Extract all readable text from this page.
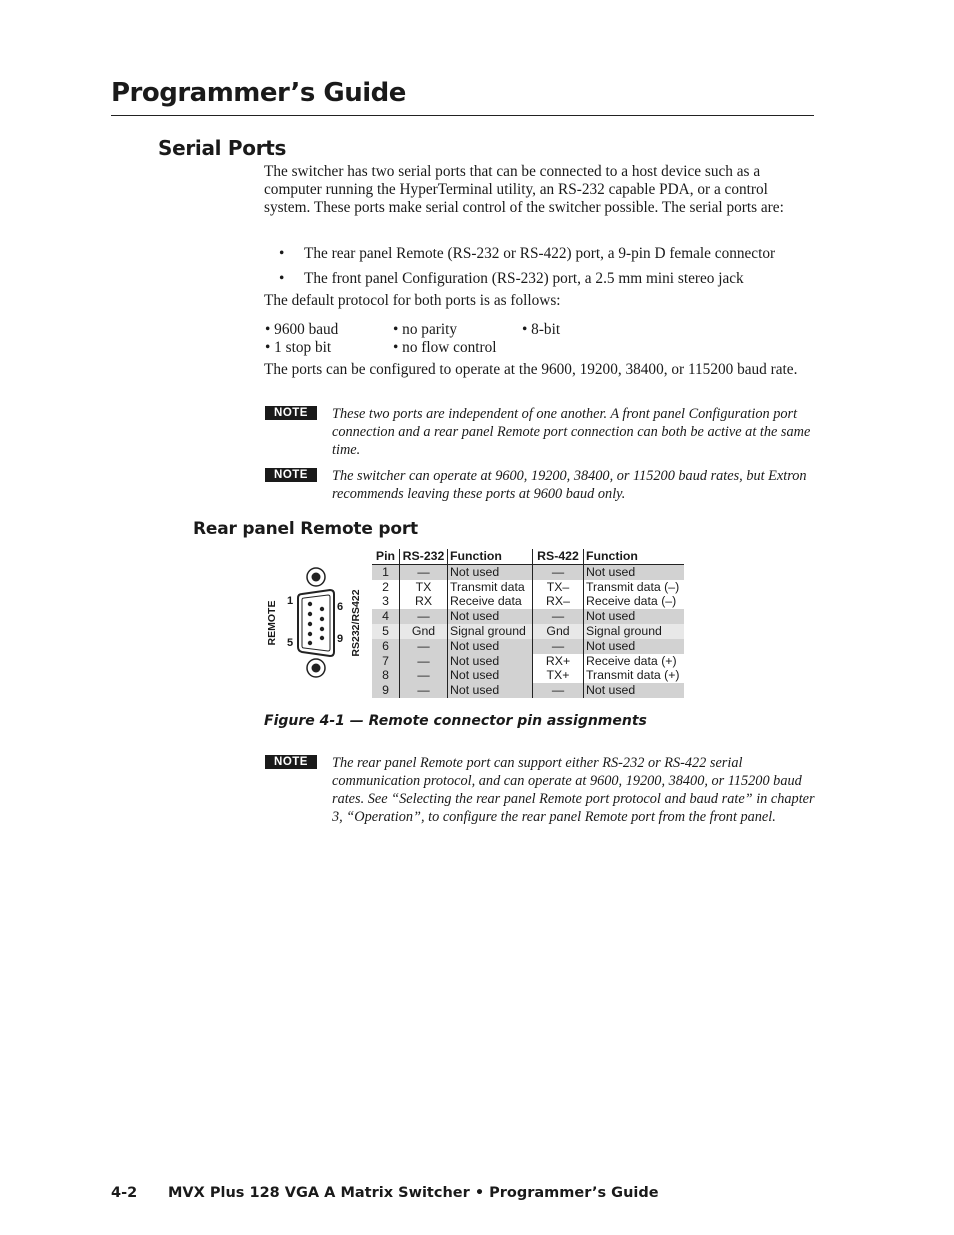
Programmer’s Guide
Serial Ports
The switcher has two serial ports that can be connected to a host device such as a computer running the HyperTerminal utility, an RS-232 capable PDA, or a control system. These ports make serial control of the switcher possible. The serial ports are:
• The rear panel Remote (RS-232 or RS-422) port, a 9-pin D female connector
• The front panel Configuration (RS-232) port, a 2.5 mm mini stereo jack
The default protocol for both ports is as follows:
• 9600 baud
• 1 stop bit
• no parity
• no flow control
• 8-bit
The ports can be configured to operate at the 9600, 19200, 38400, or 115200 baud rate.
NOTE	These two ports are independent of one another. A front panel Configuration port connection and a rear panel Remote port connection can both be active at the same time.
NOTE	The switcher can operate at 9600, 19200, 38400, or 115200 baud rates, but Extron recommends leaving these ports at 9600 baud only.
Rear panel Remote port
1	6
5	9
REMOTE	RS232/RS422
Pin	RS-232	Function	RS-422	Function
1	—	Not used	—	Not used
2	TX	Transmit data	TX–	Transmit data (–)
3	RX	Receive data	RX–	Receive data (–)
4	—	Not used	—	Not used
5	Gnd	Signal ground	Gnd	Signal ground
6	—	Not used	—	Not used
7	—	Not used	RX+	Receive data (+)
8	—	Not used	TX+	Transmit data (+)
9	—	Not used	—	Not used
Figure 4-1 — Remote connector pin assignments
NOTE	The rear panel Remote port can support either RS-232 or RS-422 serial communication protocol, and can operate at 9600, 19200, 38400, or 115200 baud rates. See “Selecting the rear panel Remote port protocol and baud rate” in chapter 3, “Operation”, to configure the rear panel Remote port from the front panel.
4-2 MVX Plus 128 VGA A Matrix Switcher • Programmer’s Guide
